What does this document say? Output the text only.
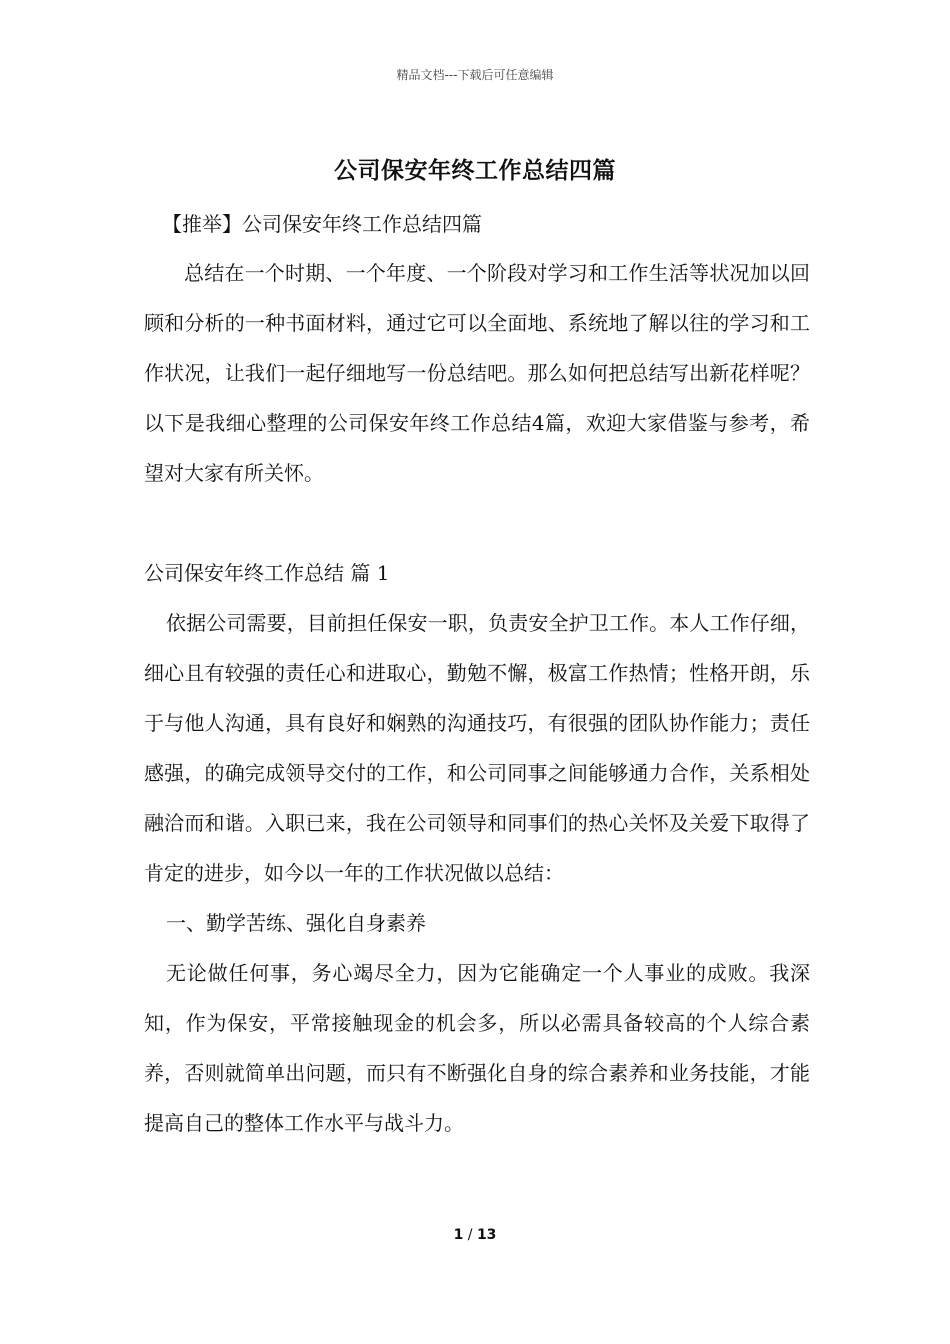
精品文档---下载后可任意编辑
公司保安年终工作总结四篇
【推举】公司保安年终工作总结四篇

总结在一个时期、一个年度、一个阶段对学习和工作生活等状况加以回顾和分析的一种书面材料，通过它可以全面地、系统地了解以往的学习和工作状况，让我们一起仔细地写一份总结吧。那么如何把总结写出新花样呢？以下是我细心整理的公司保安年终工作总结4篇，欢迎大家借鉴与参考，希望对大家有所关怀。

公司保安年终工作总结 篇 1

依据公司需要，目前担任保安一职，负责安全护卫工作。本人工作仔细，细心且有较强的责任心和进取心，勤勉不懈，极富工作热情；性格开朗，乐于与他人沟通，具有良好和娴熟的沟通技巧，有很强的团队协作能力；责任感强，的确完成领导交付的工作，和公司同事之间能够通力合作，关系相处融洽而和谐。入职已来，我在公司领导和同事们的热心关怀及关爱下取得了肯定的进步，如今以一年的工作状况做以总结：

一、勤学苦练、强化自身素养

无论做任何事，务心竭尽全力，因为它能确定一个人事业的成败。我深知，作为保安，平常接触现金的机会多，所以必需具备较高的个人综合素养，否则就简单出问题，而只有不断强化自身的综合素养和业务技能，才能提高自己的整体工作水平与战斗力。

1 / 13
